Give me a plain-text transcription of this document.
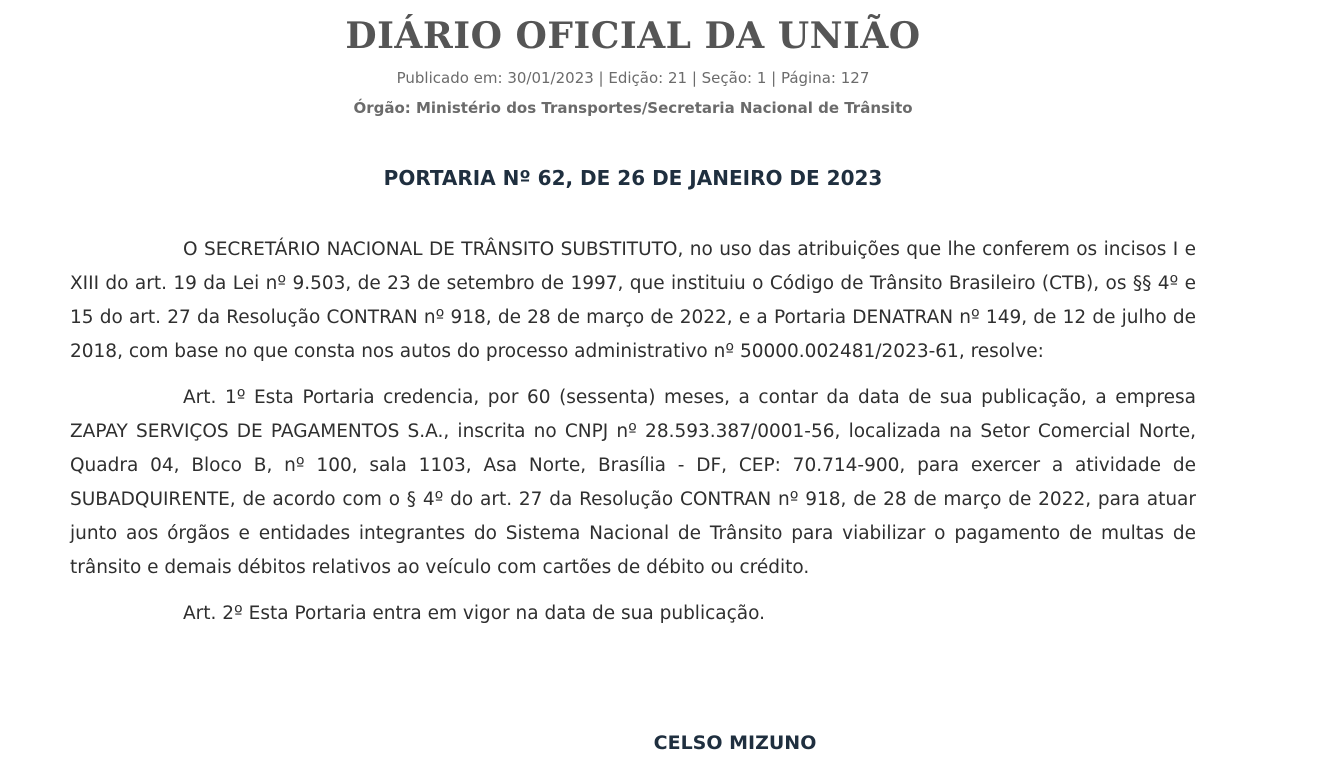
DIÁRIO OFICIAL DA UNIÃO
Publicado em: 30/01/2023 | Edição: 21 | Seção: 1 | Página: 127
Órgão: Ministério dos Transportes/Secretaria Nacional de Trânsito
PORTARIA Nº 62, DE 26 DE JANEIRO DE 2023

O SECRETÁRIO NACIONAL DE TRÂNSITO SUBSTITUTO, no uso das atribuições que lhe conferem os incisos I e XIII do art. 19 da Lei nº 9.503, de 23 de setembro de 1997, que instituiu o Código de Trânsito Brasileiro (CTB), os §§ 4º e 15 do art. 27 da Resolução CONTRAN nº 918, de 28 de março de 2022, e a Portaria DENATRAN nº 149, de 12 de julho de 2018, com base no que consta nos autos do processo administrativo nº 50000.002481/2023-61, resolve:

Art. 1º Esta Portaria credencia, por 60 (sessenta) meses, a contar da data de sua publicação, a empresa ZAPAY SERVIÇOS DE PAGAMENTOS S.A., inscrita no CNPJ nº 28.593.387/0001-56, localizada na Setor Comercial Norte, Quadra 04, Bloco B, nº 100, sala 1103, Asa Norte, Brasília - DF, CEP: 70.714-900, para exercer a atividade de SUBADQUIRENTE, de acordo com o § 4º do art. 27 da Resolução CONTRAN nº 918, de 28 de março de 2022, para atuar junto aos órgãos e entidades integrantes do Sistema Nacional de Trânsito para viabilizar o pagamento de multas de trânsito e demais débitos relativos ao veículo com cartões de débito ou crédito.

Art. 2º Esta Portaria entra em vigor na data de sua publicação.

CELSO MIZUNO
